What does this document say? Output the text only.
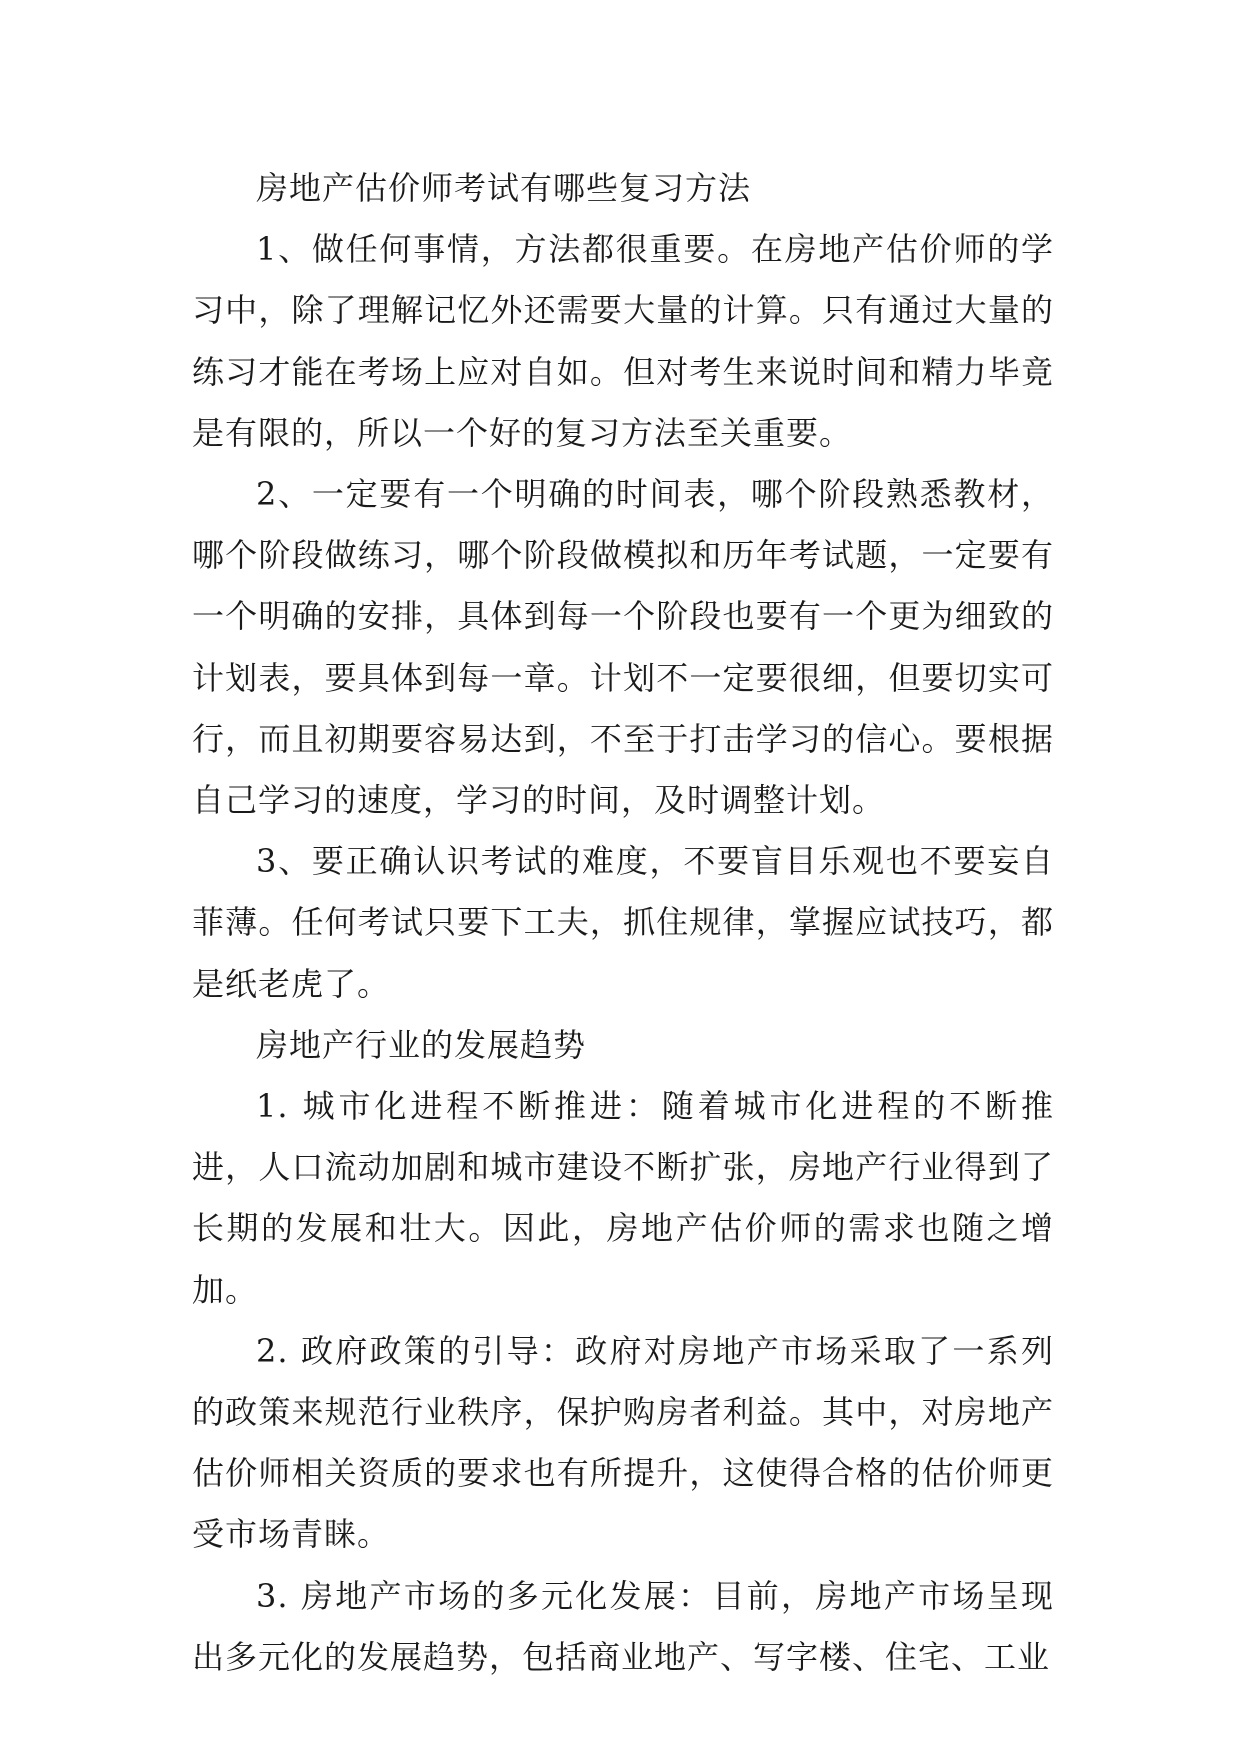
房地产估价师考试有哪些复习方法

1、做任何事情，方法都很重要。在房地产估价师的学习中，除了理解记忆外还需要大量的计算。只有通过大量的练习才能在考场上应对自如。但对考生来说时间和精力毕竟是有限的，所以一个好的复习方法至关重要。

2、一定要有一个明确的时间表，哪个阶段熟悉教材，哪个阶段做练习，哪个阶段做模拟和历年考试题，一定要有一个明确的安排，具体到每一个阶段也要有一个更为细致的计划表，要具体到每一章。计划不一定要很细，但要切实可行，而且初期要容易达到，不至于打击学习的信心。要根据自己学习的速度，学习的时间，及时调整计划。

3、要正确认识考试的难度，不要盲目乐观也不要妄自菲薄。任何考试只要下工夫，抓住规律，掌握应试技巧，都是纸老虎了。

房地产行业的发展趋势

1. 城市化进程不断推进：随着城市化进程的不断推进，人口流动加剧和城市建设不断扩张，房地产行业得到了长期的发展和壮大。因此，房地产估价师的需求也随之增加。

2. 政府政策的引导：政府对房地产市场采取了一系列的政策来规范行业秩序，保护购房者利益。其中，对房地产估价师相关资质的要求也有所提升，这使得合格的估价师更受市场青睐。

3. 房地产市场的多元化发展：目前，房地产市场呈现出多元化的发展趋势，包括商业地产、写字楼、住宅、工业
